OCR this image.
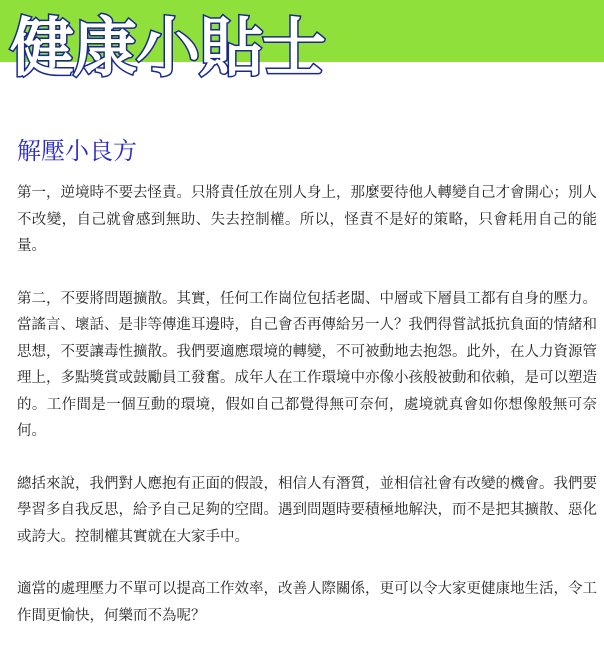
健康小貼士
解壓小良方

第一，逆境時不要去怪責。只將責任放在別人身上，那麼要待他人轉變自己才會開心；別人不改變，自己就會感到無助、失去控制權。所以，怪責不是好的策略，只會耗用自己的能量。

第二，不要將問題擴散。其實，任何工作崗位包括老闆、中層或下層員工都有自身的壓力。當謠言、壞話、是非等傳進耳邊時，自己會否再傳給另一人？我們得嘗試抵抗負面的情緒和思想，不要讓毒性擴散。我們要適應環境的轉變，不可被動地去抱怨。此外，在人力資源管理上，多點獎賞或鼓勵員工發奮。成年人在工作環境中亦像小孩般被動和依賴，是可以塑造的。工作間是一個互動的環境，假如自己都覺得無可奈何，處境就真會如你想像般無可奈何。

總括來說，我們對人應抱有正面的假設，相信人有潛質，並相信社會有改變的機會。我們要學習多自我反思，給予自己足夠的空間。遇到問題時要積極地解決，而不是把其擴散、惡化或誇大。控制權其實就在大家手中。

適當的處理壓力不單可以提高工作效率，改善人際關係，更可以令大家更健康地生活，令工作間更愉快，何樂而不為呢？
